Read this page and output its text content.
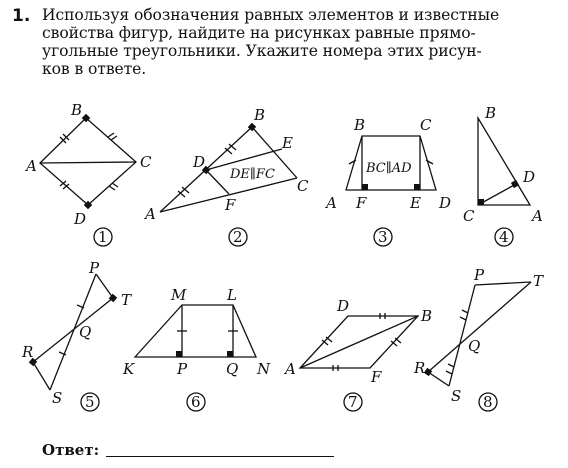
1. Используя обозначения равных элементов и известные
свойства фигур, найдите на рисунках равные прямо-
угольные треугольники. Укажите номера этих рисун-
ков в ответе.
B
A	C
D
1
B
E
D
DE∥FC
C
A	F
2
B	C
BC∥AD
A F	E D
3
B
D
C	A
4
P
T
Q
R
S 5
M	L
K	P	Q N
6
D
B
A	F
7
P	T
Q
R
S 8
Ответ:
